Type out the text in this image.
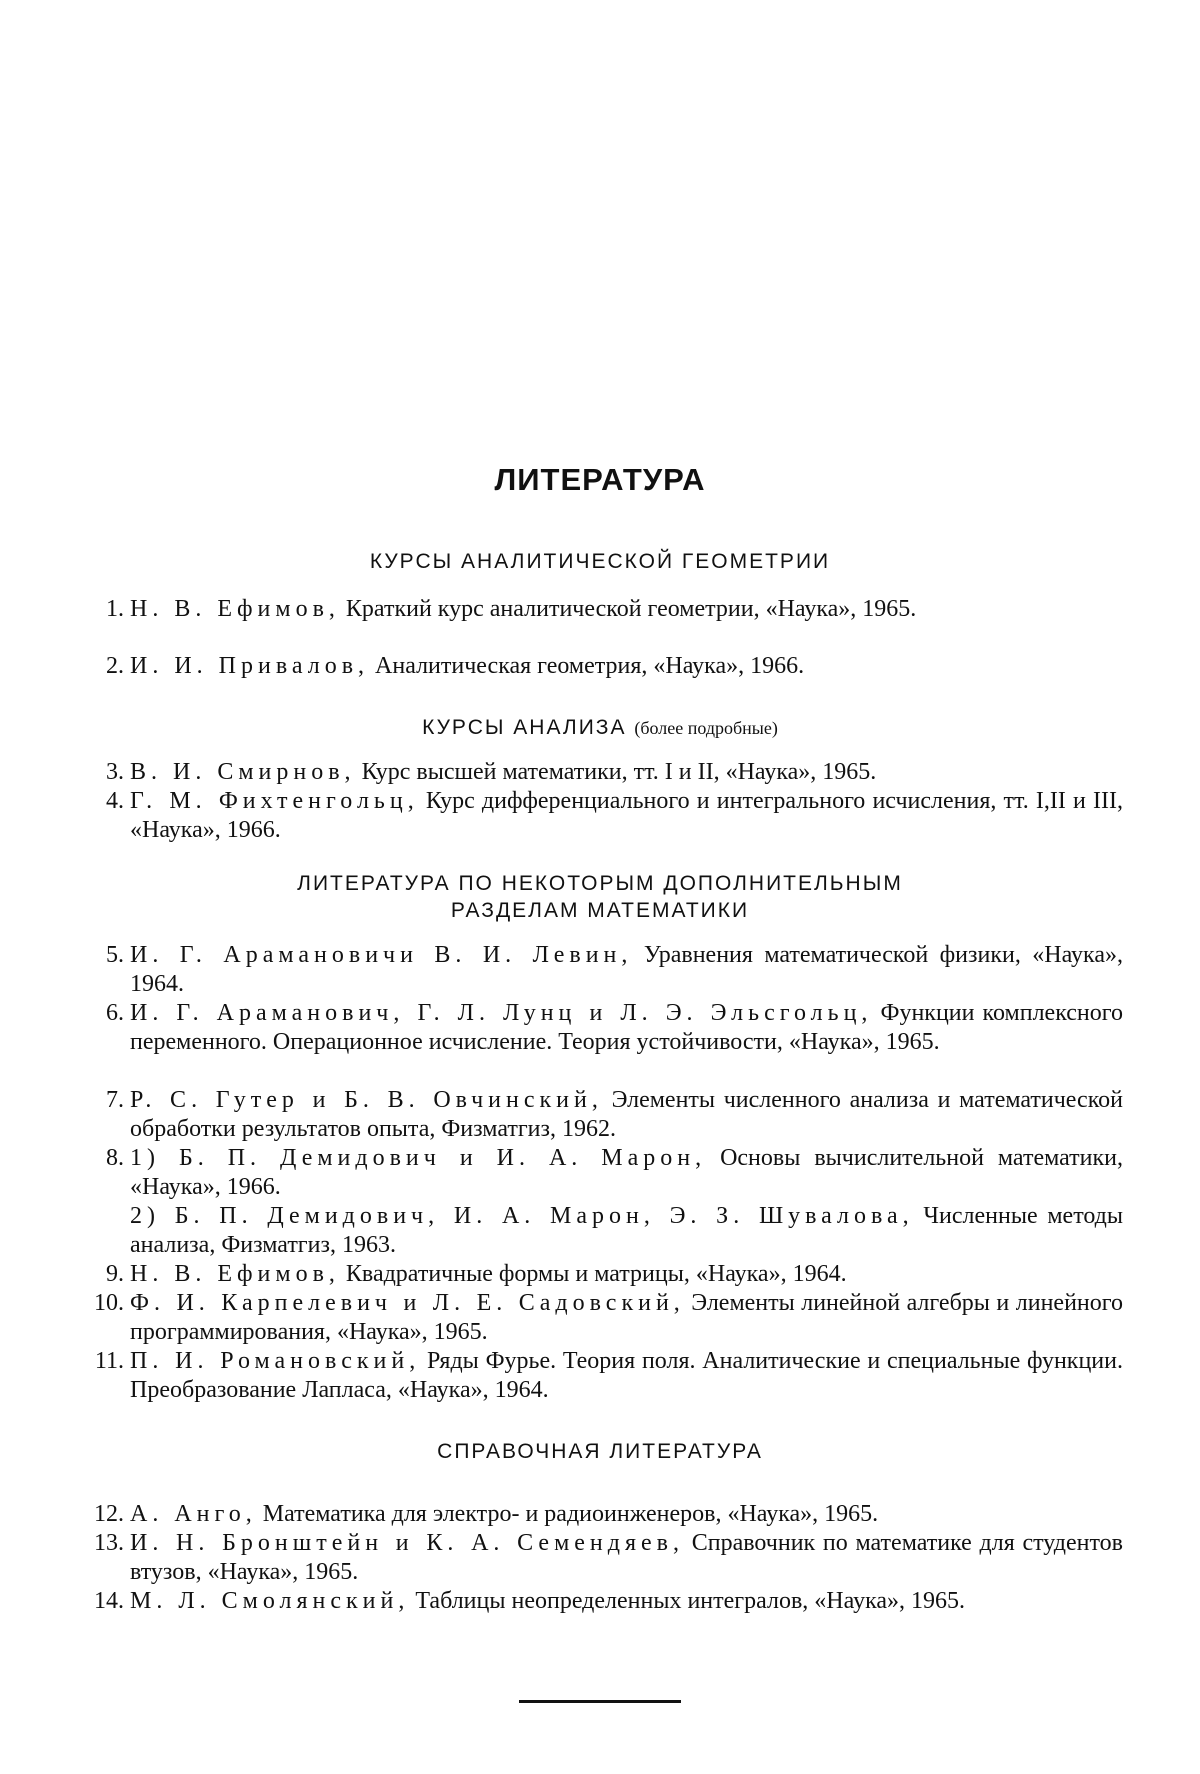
ЛИТЕРАТУРА
КУРСЫ АНАЛИТИЧЕСКОЙ ГЕОМЕТРИИ
1. Н. В. Ефимов, Краткий курс аналитической геометрии, «Наука», 1965.
2. И. И. Привалов, Аналитическая геометрия, «Наука», 1966.
КУРСЫ АНАЛИЗА (более подробные)
3. В. И. Смирнов, Курс высшей математики, тт. I и II, «Наука», 1965.
4. Г. М. Фихтенгольц, Курс дифференциального и интегрального исчисления, тт. I,II и III, «Наука», 1966.
ЛИТЕРАТУРА ПО НЕКОТОРЫМ ДОПОЛНИТЕЛЬНЫМ
РАЗДЕЛАМ МАТЕМАТИКИ
5. И. Г. Арамановичи В. И. Левин, Уравнения математической физики, «Наука», 1964.
6. И. Г. Араманович, Г. Л. Лунц и Л. Э. Эльсгольц, Функции комплексного переменного. Операционное исчисление. Теория устойчивости, «Наука», 1965.
7. Р. С. Гутер и Б. В. Овчинский, Элементы численного анализа и математической обработки результатов опыта, Физматгиз, 1962.
8. 1) Б. П. Демидович и И. А. Марон, Основы вычислительной математики, «Наука», 1966.
2) Б. П. Демидович, И. А. Марон, Э. З. Шувалова, Численные методы анализа, Физматгиз, 1963.
9. Н. В. Ефимов, Квадратичные формы и матрицы, «Наука», 1964.
10. Ф. И. Карпелевич и Л. Е. Садовский, Элементы линейной алгебры и линейного программирования, «Наука», 1965.
11. П. И. Романовский, Ряды Фурье. Теория поля. Аналитические и специальные функции. Преобразование Лапласа, «Наука», 1964.
СПРАВОЧНАЯ ЛИТЕРАТУРА
12. А. Анго, Математика для электро- и радиоинженеров, «Наука», 1965.
13. И. Н. Бронштейн и К. А. Семендяев, Справочник по математике для студентов втузов, «Наука», 1965.
14. М. Л. Смолянский, Таблицы неопределенных интегралов, «Наука», 1965.
